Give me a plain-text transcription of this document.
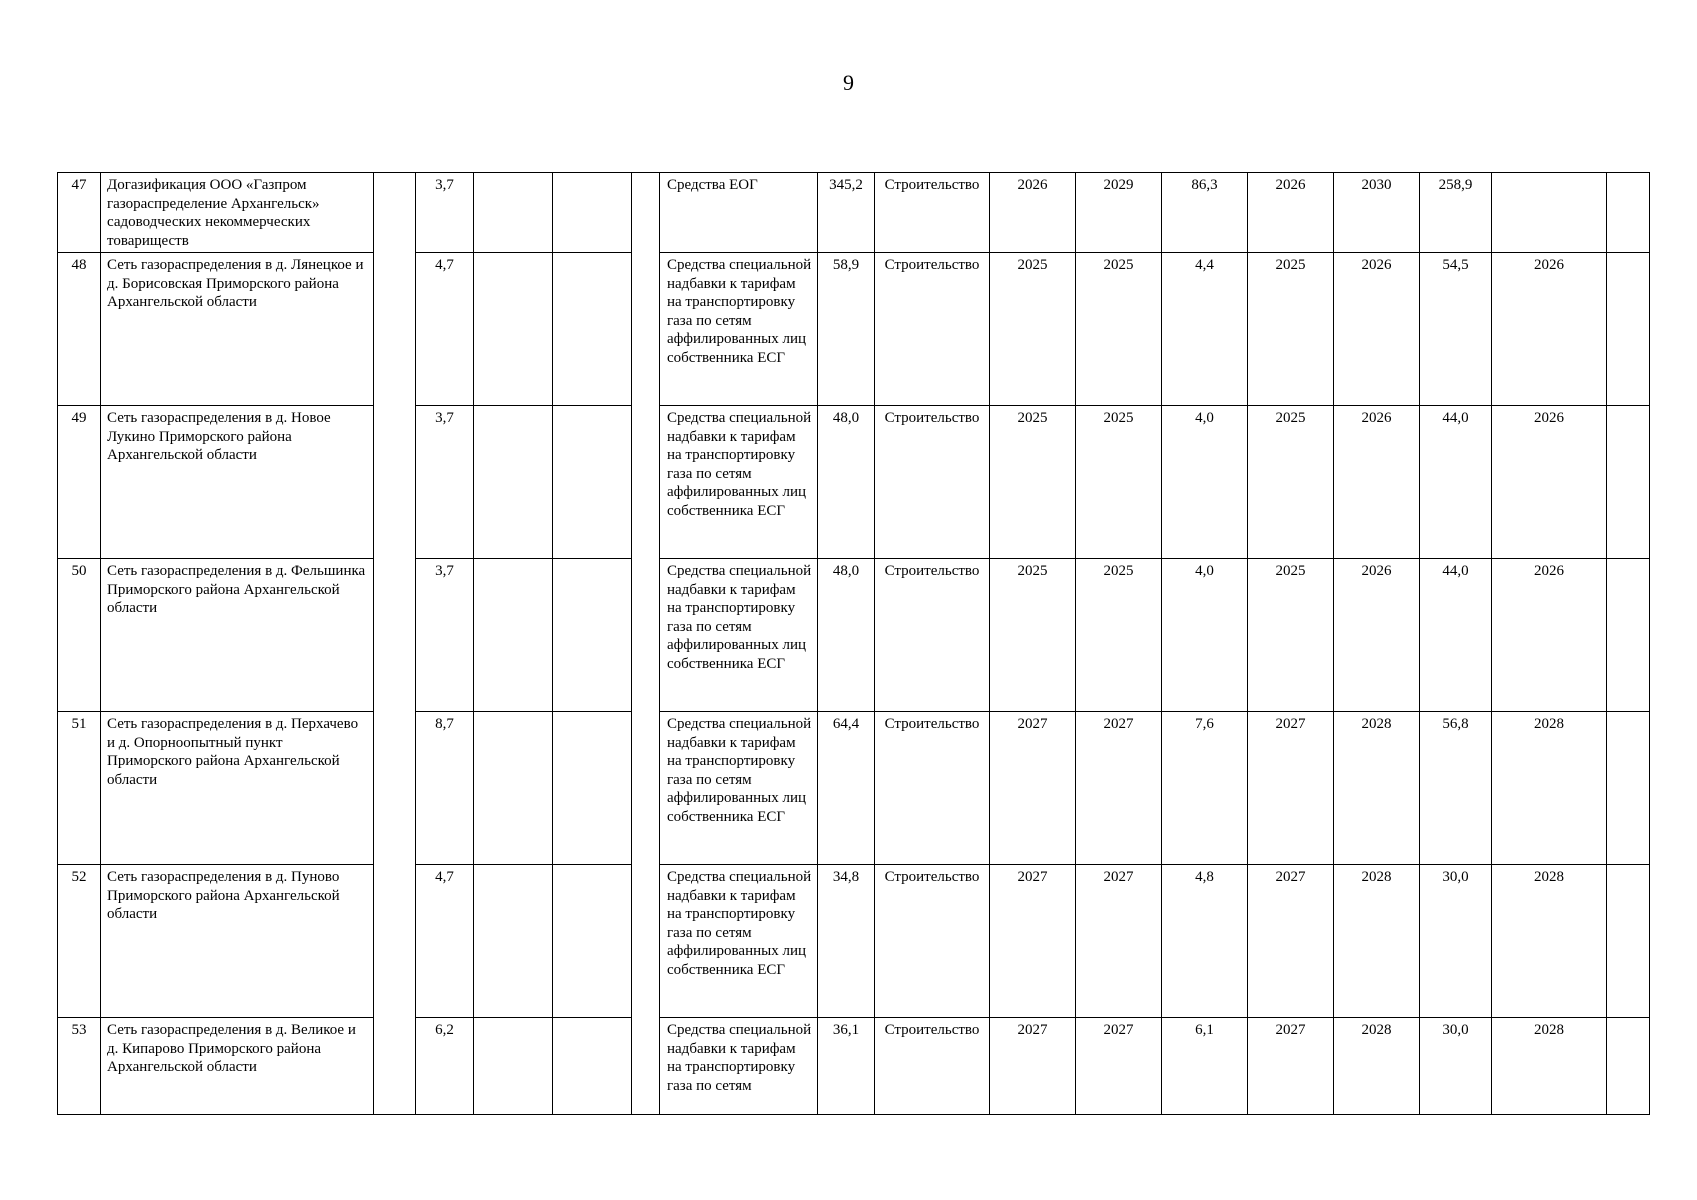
9
47	Догазификация ООО «Газпром газораспределение Архангельск» садоводческих некоммерческих товариществ		3,7				Средства ЕОГ	345,2	Строительство	2026	2029	86,3	2026	2030	258,9		
48	Сеть газораспределения в д. Лянецкое и д. Борисовская Приморского района Архангельской области		4,7				Средства специальной надбавки к тарифам на транспортировку газа по сетям аффилированных лиц собственника ЕСГ	58,9	Строительство	2025	2025	4,4	2025	2026	54,5	2026	
49	Сеть газораспределения в д. Новое Лукино Приморского района Архангельской области		3,7				Средства специальной надбавки к тарифам на транспортировку газа по сетям аффилированных лиц собственника ЕСГ	48,0	Строительство	2025	2025	4,0	2025	2026	44,0	2026	
50	Сеть газораспределения в д. Фельшинка Приморского района Архангельской области		3,7				Средства специальной надбавки к тарифам на транспортировку газа по сетям аффилированных лиц собственника ЕСГ	48,0	Строительство	2025	2025	4,0	2025	2026	44,0	2026	
51	Сеть газораспределения в д. Перхачево и д. Опорноопытный пункт Приморского района Архангельской области		8,7				Средства специальной надбавки к тарифам на транспортировку газа по сетям аффилированных лиц собственника ЕСГ	64,4	Строительство	2027	2027	7,6	2027	2028	56,8	2028	
52	Сеть газораспределения в д. Пуново Приморского района Архангельской области		4,7				Средства специальной надбавки к тарифам на транспортировку газа по сетям аффилированных лиц собственника ЕСГ	34,8	Строительство	2027	2027	4,8	2027	2028	30,0	2028	
53	Сеть газораспределения в д. Великое и д. Кипарово Приморского района Архангельской области		6,2				Средства специальной надбавки к тарифам на транспортировку газа по сетям	36,1	Строительство	2027	2027	6,1	2027	2028	30,0	2028	
